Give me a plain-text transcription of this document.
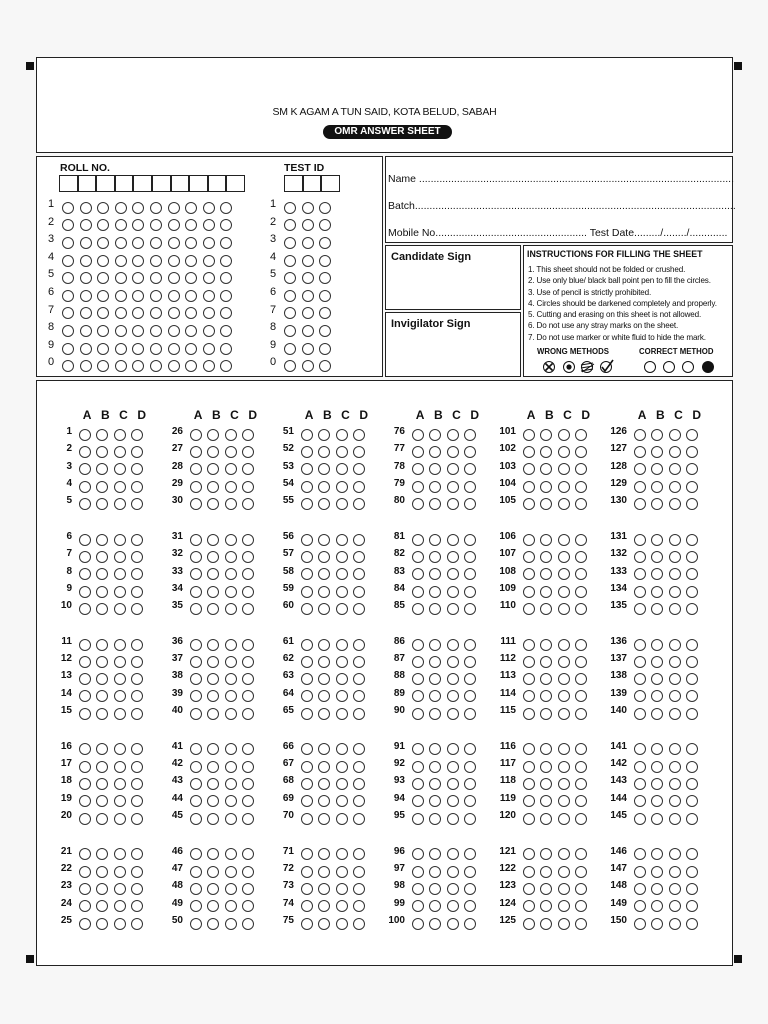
SM K AGAM A TUN SAID, KOTA BELUD, SABAH
OMR ANSWER SHEET
ROLL NO.	TEST ID
1
2
3
4
5
6
7
8
9
0
1
2
3
4
5
6
7
8
9
0
Name ............................................................................................................
Batch..............................................................................................................
Mobile No.................................................... Test Date........./......../.............
Candidate Sign
Invigilator Sign
INSTRUCTIONS FOR FILLING THE SHEET
1. This sheet should not be folded or crushed.
2. Use only blue/ black ball point pen to fill the circles.
3. Use of pencil is strictly prohibited.
4. Circles should be darkened completely and properly.
5. Cutting and erasing on this sheet is not allowed.
6. Do not use any stray marks on the sheet.
7. Do not use marker or white fluid to hide the mark.
WRONG METHODS	CORRECT METHOD
A B C D
1
2
3
4
5
6
7
8
9
10
11
12
13
14
15
16
17
18
19
20
21
22
23
24
25
A B C D
26
27
28
29
30
31
32
33
34
35
36
37
38
39
40
41
42
43
44
45
46
47
48
49
50
A B C D
51
52
53
54
55
56
57
58
59
60
61
62
63
64
65
66
67
68
69
70
71
72
73
74
75
A B C D
76
77
78
79
80
81
82
83
84
85
86
87
88
89
90
91
92
93
94
95
96
97
98
99
100
A B C D
101
102
103
104
105
106
107
108
109
110
111
112
113
114
115
116
117
118
119
120
121
122
123
124
125
A B C D
126
127
128
129
130
131
132
133
134
135
136
137
138
139
140
141
142
143
144
145
146
147
148
149
150
